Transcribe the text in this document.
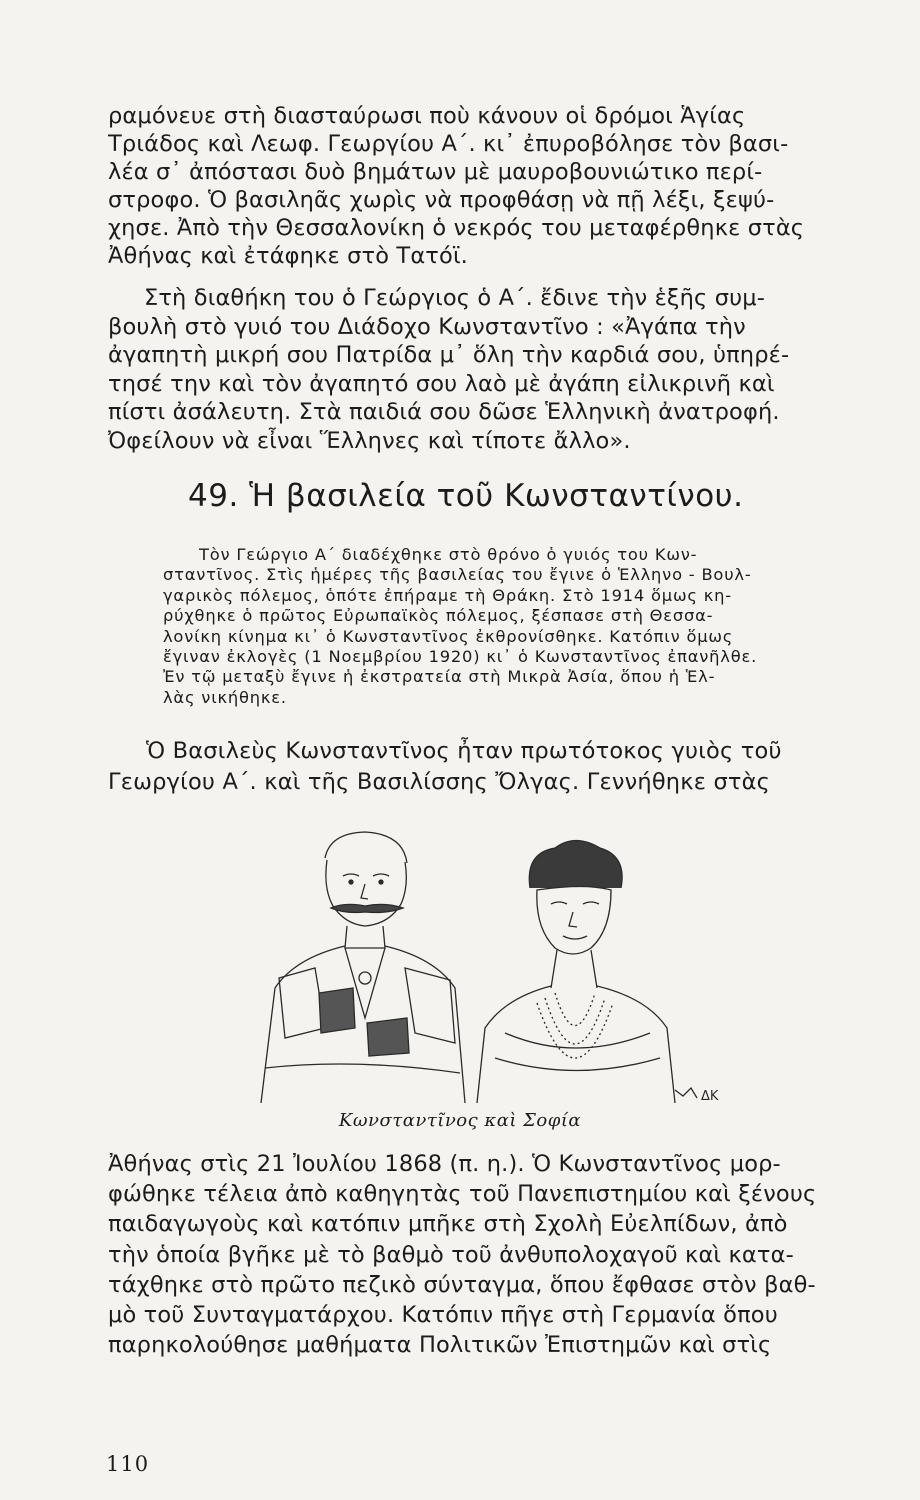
ραμόνευε στὴ διασταύρωσι ποὺ κάνουν οἱ δρόμοι Ἁγίας
Τριάδος καὶ Λεωφ. Γεωργίου Α΄. κι᾿ ἐπυροβόλησε τὸν βασι-
λέα σ᾿ ἀπόστασι δυὸ βημάτων μὲ μαυροβουνιώτικο περί-
στροφο. Ὁ βασιληᾶς χωρὶς νὰ προφθάσῃ νὰ πῇ λέξι, ξεψύ-
χησε. Ἀπὸ τὴν Θεσσαλονίκη ὁ νεκρός του μεταφέρθηκε στὰς
Ἀθήνας καὶ ἐτάφηκε στὸ Τατόϊ.
Στὴ διαθήκη του ὁ Γεώργιος ὁ Α΄. ἔδινε τὴν ἑξῆς συμ-
βουλὴ στὸ γυιό του Διάδοχο Κωνσταντῖνο : «Ἀγάπα τὴν
ἀγαπητὴ μικρή σου Πατρίδα μ᾿ ὅλη τὴν καρδιά σου, ὑπηρέ-
τησέ την καὶ τὸν ἀγαπητό σου λαὸ μὲ ἀγάπη εἰλικρινῆ καὶ
πίστι ἀσάλευτη. Στὰ παιδιά σου δῶσε Ἑλληνικὴ ἀνατροφή.
Ὀφείλουν νὰ εἶναι Ἕλληνες καὶ τίποτε ἄλλο».
49. Ἡ βασιλεία τοῦ Κωνσταντίνου.
Τὸν Γεώργιο Α΄ διαδέχθηκε στὸ θρόνο ὁ γυιός του Κων-
σταντῖνος. Στὶς ἡμέρες τῆς βασιλείας του ἔγινε ὁ Ἑλληνο - Βουλ-
γαρικὸς πόλεμος, ὁπότε ἐπήραμε τὴ Θράκη. Στὸ 1914 ὅμως κη-
ρύχθηκε ὁ πρῶτος Εὐρωπαϊκὸς πόλεμος, ξέσπασε στὴ Θεσσα-
λονίκη κίνημα κι᾿ ὁ Κωνσταντῖνος ἐκθρονίσθηκε. Κατόπιν ὅμως
ἔγιναν ἐκλογὲς (1 Νοεμβρίου 1920) κι᾿ ὁ Κωνσταντῖνος ἐπανῆλθε.
Ἐν τῷ μεταξὺ ἔγινε ἡ ἐκστρατεία στὴ Μικρὰ Ἀσία, ὅπου ἡ Ἑλ-
λὰς νικήθηκε.
Ὁ Βασιλεὺς Κωνσταντῖνος ἦταν πρωτότοκος γυιὸς τοῦ
Γεωργίου Α΄. καὶ τῆς Βασιλίσσης Ὄλγας. Γεννήθηκε στὰς
ΔΚ
Κωνσταντῖνος καὶ Σοφία
Ἀθήνας στὶς 21 Ἰουλίου 1868 (π. η.). Ὁ Κωνσταντῖνος μορ-
φώθηκε τέλεια ἀπὸ καθηγητὰς τοῦ Πανεπιστημίου καὶ ξένους
παιδαγωγοὺς καὶ κατόπιν μπῆκε στὴ Σχολὴ Εὐελπίδων, ἀπὸ
τὴν ὁποία βγῆκε μὲ τὸ βαθμὸ τοῦ ἀνθυπολοχαγοῦ καὶ κατα-
τάχθηκε στὸ πρῶτο πεζικὸ σύνταγμα, ὅπου ἔφθασε στὸν βαθ-
μὸ τοῦ Συνταγματάρχου. Κατόπιν πῆγε στὴ Γερμανία ὅπου
παρηκολούθησε μαθήματα Πολιτικῶν Ἐπιστημῶν καὶ στὶς
110
